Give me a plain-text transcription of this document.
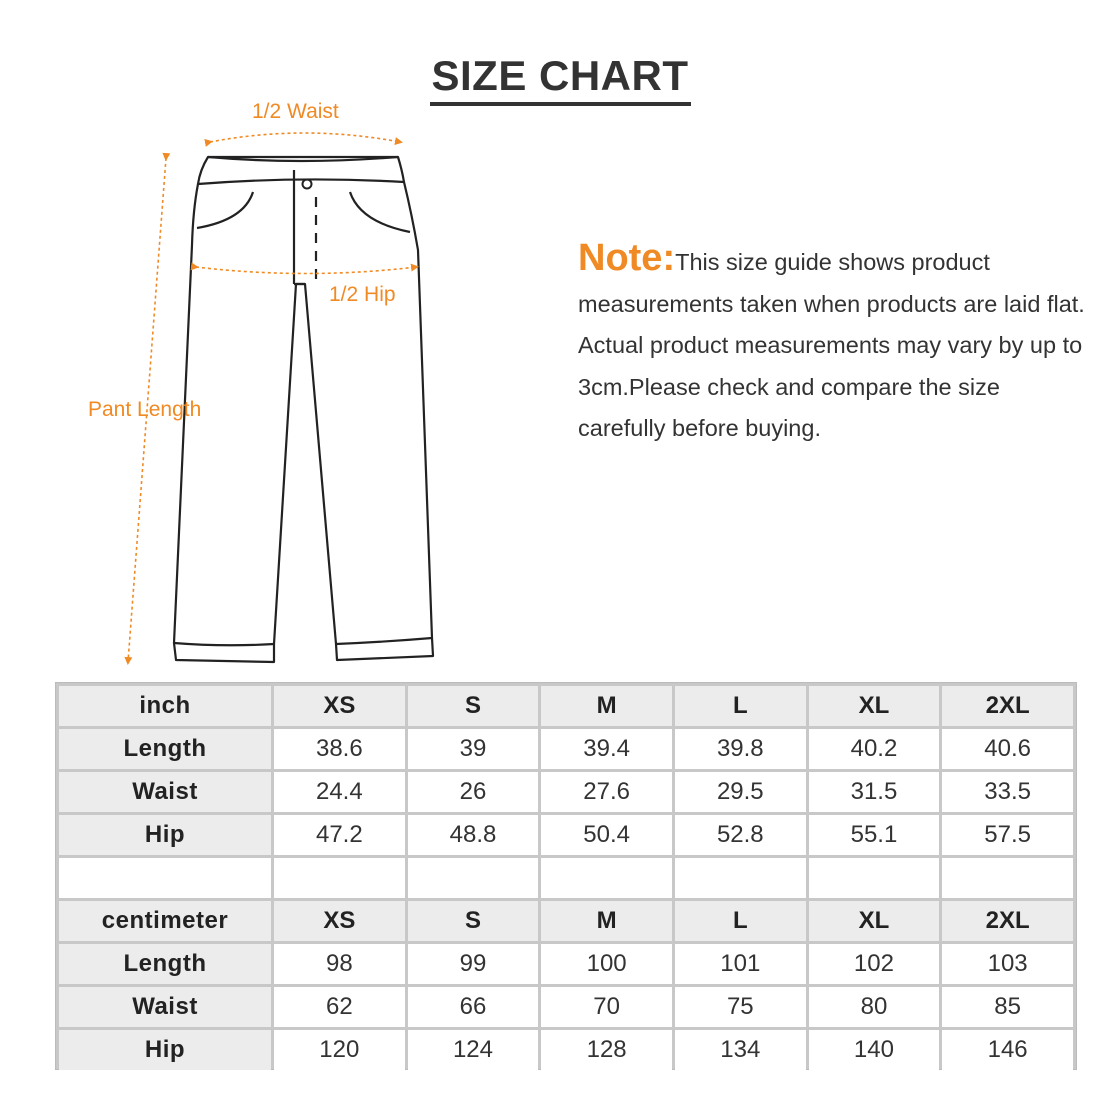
SIZE CHART
1/2 Waist
1/2 Hip
Pant Length
Note:This size guide shows product measurements taken when products are laid flat. Actual product measurements may vary by up to 3cm.Please check and compare the size carefully before buying.
inch	XS	S	M	L	XL	2XL
Length	38.6	39	39.4	39.8	40.2	40.6
Waist	24.4	26	27.6	29.5	31.5	33.5
Hip	47.2	48.8	50.4	52.8	55.1	57.5

centimeter	XS	S	M	L	XL	2XL
Length	98	99	100	101	102	103
Waist	62	66	70	75	80	85
Hip	120	124	128	134	140	146
